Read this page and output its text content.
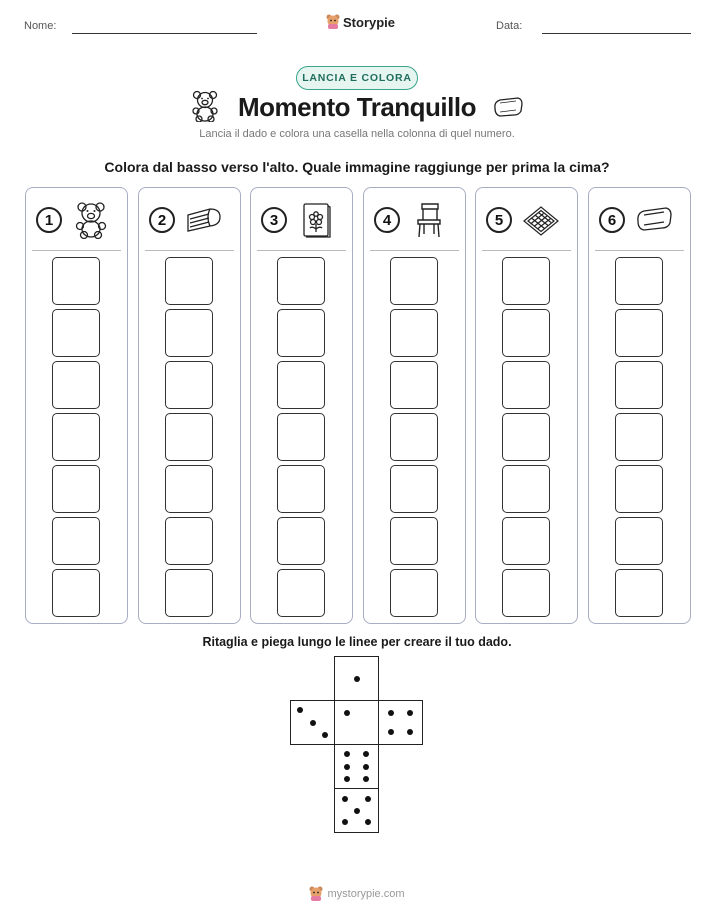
Nome:	Storypie	Data:
LANCIA E COLORA
Momento Tranquillo
Lancia il dado e colora una casella nella colonna di quel numero.
Colora dal basso verso l'alto. Quale immagine raggiunge per prima la cima?
1	2	3	4	5	6
Ritaglia e piega lungo le linee per creare il tuo dado.
mystorypie.com
